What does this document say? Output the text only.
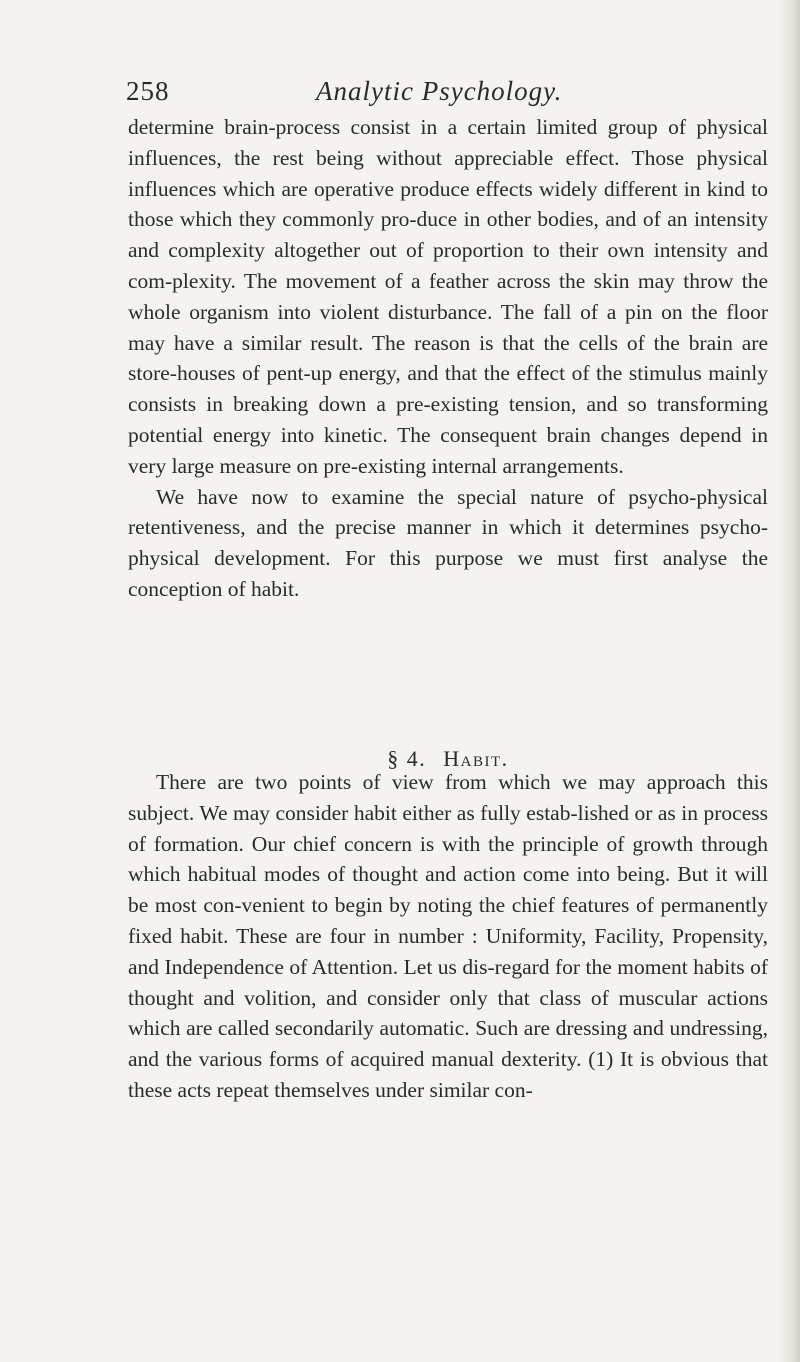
258	Analytic Psychology.

determine brain-process consist in a certain limited group of physical influences, the rest being without appreciable effect. Those physical influences which are operative produce effects widely different in kind to those which they commonly pro-duce in other bodies, and of an intensity and complexity altogether out of proportion to their own intensity and com-plexity. The movement of a feather across the skin may throw the whole organism into violent disturbance. The fall of a pin on the floor may have a similar result. The reason is that the cells of the brain are store-houses of pent-up energy, and that the effect of the stimulus mainly consists in breaking down a pre-existing tension, and so transforming potential energy into kinetic. The consequent brain changes depend in very large measure on pre-existing internal arrangements.

We have now to examine the special nature of psycho-physical retentiveness, and the precise manner in which it determines psycho-physical development. For this purpose we must first analyse the conception of habit.

§ 4. Habit.

There are two points of view from which we may approach this subject. We may consider habit either as fully estab-lished or as in process of formation. Our chief concern is with the principle of growth through which habitual modes of thought and action come into being. But it will be most con-venient to begin by noting the chief features of permanently fixed habit. These are four in number : Uniformity, Facility, Propensity, and Independence of Attention. Let us dis-regard for the moment habits of thought and volition, and consider only that class of muscular actions which are called secondarily automatic. Such are dressing and undressing, and the various forms of acquired manual dexterity. (1) It is obvious that these acts repeat themselves under similar con-
